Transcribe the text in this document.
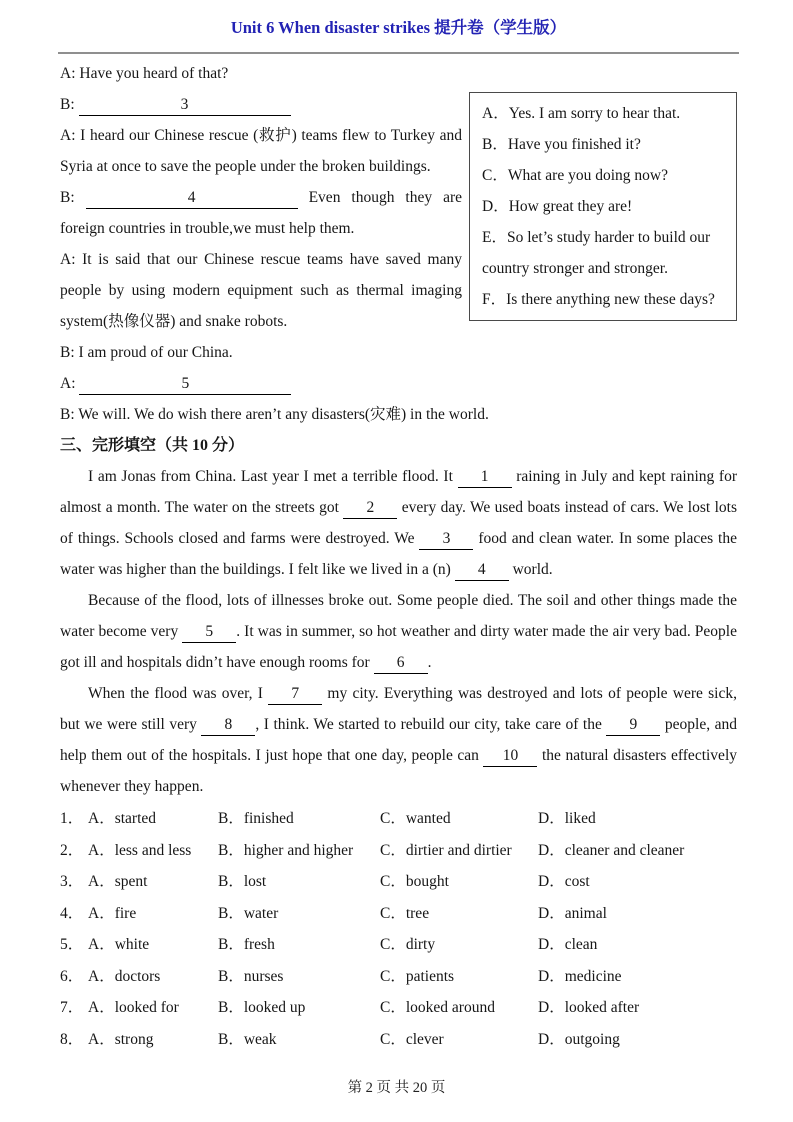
Unit 6 When disaster strikes 提升卷（学生版）

A: Have you heard of that?

B:	3

A: I heard our Chinese rescue (救护) teams flew to Turkey and Syria at once to save the people under the broken buildings.

B:	4	Even though they are foreign countries in trouble,we must help them.

A: It is said that our Chinese rescue teams have saved many people by using modern equipment such as thermal imaging system(热像仪器) and snake robots.

B: I am proud of our China.

A:	5

A．Yes. I am sorry to hear that.
B．Have you finished it?
C．What are you doing now?
D．How great they are!
E．So let’s study harder to build our country stronger and stronger.
F．Is there anything new these days?
B: We will. We do wish there aren’t any disasters(灾难) in the world.
三、完形填空（共 10 分）

I am Jonas from China. Last year I met a terrible flood. It 1 raining in July and kept raining for almost a month. The water on the streets got 2 every day. We used boats instead of cars. We lost lots of things. Schools closed and farms were destroyed. We 3 food and clean water. In some places the water was higher than the buildings. I felt like we lived in a (n) 4 world.

Because of the flood, lots of illnesses broke out. Some people died. The soil and other things made the water become very 5 . It was in summer, so hot weather and dirty water made the air very bad. People got ill and hospitals didn’t have enough rooms for 6 .

When the flood was over, I 7 my city. Everything was destroyed and lots of people were sick, but we were still very 8 , I think. We started to rebuild our city, take care of the 9 people, and help them out of the hospitals. I just hope that one day, people can 10 the natural disasters effectively whenever they happen.

1． A．started	B．finished	C．wanted	D．liked
2． A．less and less	B．higher and higher	C．dirtier and dirtier	D．cleaner and cleaner
3． A．spent	B．lost	C．bought	D．cost
4． A．fire	B．water	C．tree	D．animal
5． A．white	B．fresh	C．dirty	D．clean
6． A．doctors	B．nurses	C．patients	D．medicine
7． A．looked for	B．looked up	C．looked around	D．looked after
8． A．strong	B．weak	C．clever	D．outgoing
第 2 页 共 20 页
